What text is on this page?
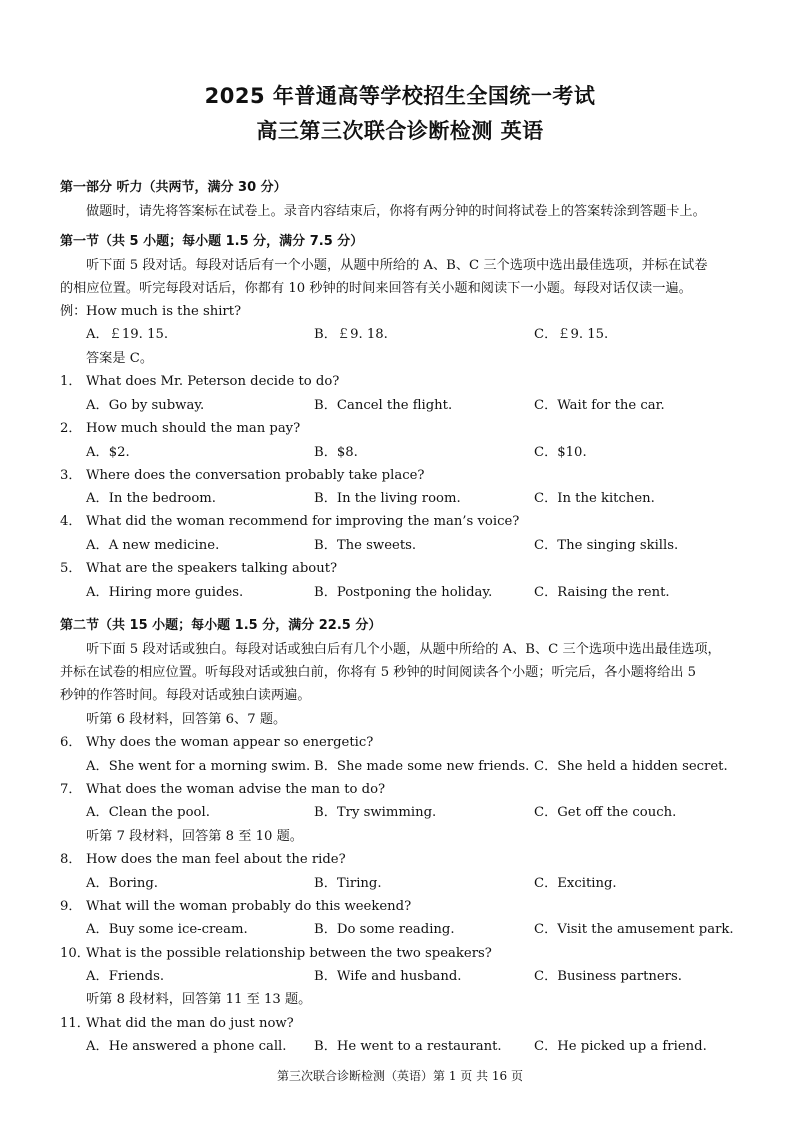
2025 年普通高等学校招生全国统一考试
高三第三次联合诊断检测 英语
第一部分 听力（共两节，满分 30 分）
做题时，请先将答案标在试卷上。录音内容结束后，你将有两分钟的时间将试卷上的答案转涂到答题卡上。
第一节（共 5 小题；每小题 1.5 分，满分 7.5 分）
听下面 5 段对话。每段对话后有一个小题，从题中所给的 A、B、C 三个选项中选出最佳选项，并标在试卷
的相应位置。听完每段对话后，你都有 10 秒钟的时间来回答有关小题和阅读下一小题。每段对话仅读一遍。
例： How much is the shirt?
A．￡19. 15.	B．￡9. 18.	C．￡9. 15.
答案是 C。
1． What does Mr. Peterson decide to do?
A．Go by subway.	B．Cancel the flight.	C．Wait for the car.
2． How much should the man pay?
A．$2.	B．$8.	C．$10.
3． Where does the conversation probably take place?
A．In the bedroom.	B．In the living room.	C．In the kitchen.
4． What did the woman recommend for improving the man’s voice?
A．A new medicine.	B．The sweets.	C．The singing skills.
5． What are the speakers talking about?
A．Hiring more guides.	B．Postponing the holiday.	C．Raising the rent.
第二节（共 15 小题；每小题 1.5 分，满分 22.5 分）
听下面 5 段对话或独白。每段对话或独白后有几个小题，从题中所给的 A、B、C 三个选项中选出最佳选项，
并标在试卷的相应位置。听每段对话或独白前，你将有 5 秒钟的时间阅读各个小题；听完后，各小题将给出 5
秒钟的作答时间。每段对话或独白读两遍。
听第 6 段材料，回答第 6、7 题。
6． Why does the woman appear so energetic?
A．She went for a morning swim. B．She made some new friends. C．She held a hidden secret.
7． What does the woman advise the man to do?
A．Clean the pool.	B．Try swimming.	C．Get off the couch.
听第 7 段材料，回答第 8 至 10 题。
8． How does the man feel about the ride?
A．Boring.	B．Tiring.	C．Exciting.
9． What will the woman probably do this weekend?
A．Buy some ice-cream.	B．Do some reading.	C．Visit the amusement park.
10．
What is the possible relationship between the two speakers?
A．Friends.	B．Wife and husband.	C．Business partners.
听第 8 段材料，回答第 11 至 13 题。
11．
What did the man do just now?
A．He answered a phone call. B．He went to a restaurant. C．He picked up a friend.
第三次联合诊断检测（英语）第 1 页 共 16 页
